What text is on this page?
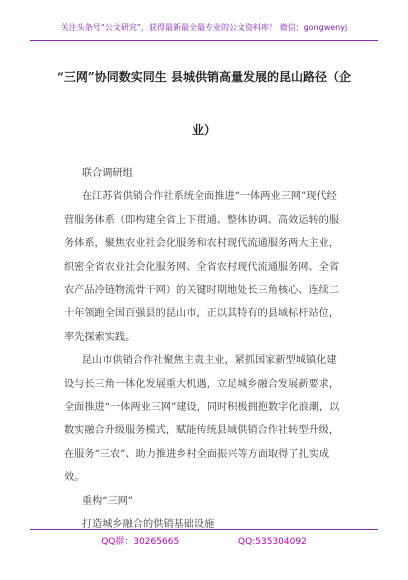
关注头条号“公文研究”，获得最新最全最专业的公文资料库！ 微信：gongwenyj
“三网”协同数实同生 县城供销高量发展的昆山路径（企
业）

联合调研组

在江苏省供销合作社系统全面推进“一体两业三网”现代经营服务体系（即构建全省上下贯通、整体协调、高效运转的服务体系，聚焦农业社会化服务和农村现代流通服务两大主业，织密全省农业社会化服务网、全省农村现代流通服务网、全省农产品冷链物流骨干网）的关键时期地处长三角核心、连续二十年领跑全国百强县的昆山市，正以其特有的县域标杆站位，率先探索实践。

昆山市供销合作社聚焦主责主业，紧抓国家新型城镇化建设与长三角一体化发展重大机遇，立足城乡融合发展新要求，全面推进“一体两业三网”建设，同时积极拥抱数字化浪潮，以数实融合升级服务模式，赋能传统县域供销合作社转型升级，在服务“三农”、助力推进乡村全面振兴等方面取得了扎实成效。

重构“三网”

打造城乡融合的供销基础设施

QQ群：30265665	QQ:535304092
